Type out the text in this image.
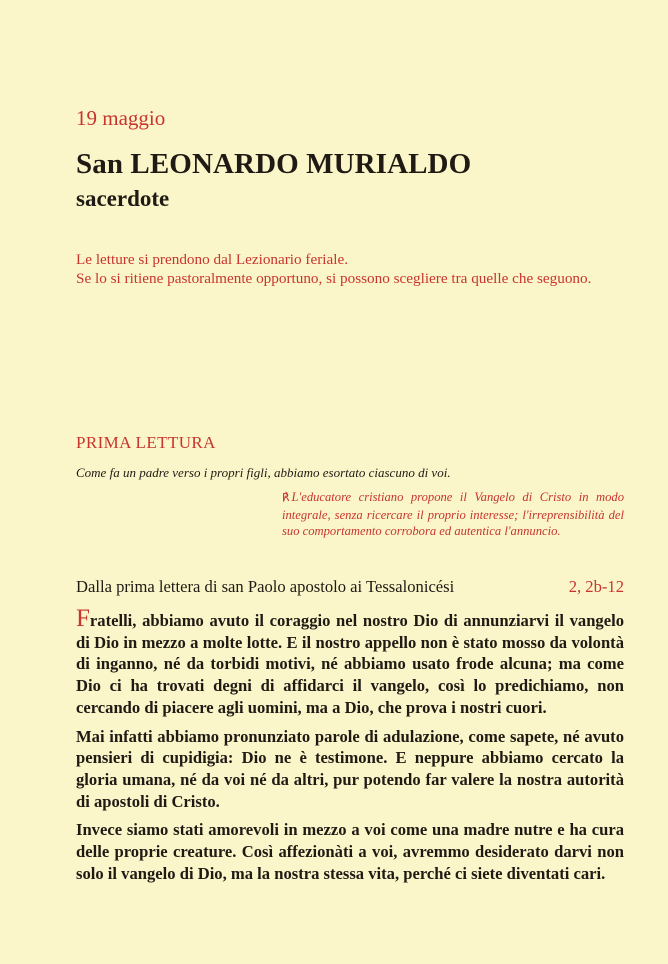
19 maggio
San LEONARDO MURIALDO
sacerdote

Le letture si prendono dal Lezionario feriale.

Se lo si ritiene pastoralmente opportuno, si possono scegliere tra quelle che seguono.

PRIMA LETTURA
Come fa un padre verso i propri figli, abbiamo esortato ciascuno di voi.
℟ L'educatore cristiano propone il Vangelo di Cristo in modo integrale, senza ricercare il proprio interesse; l'irreprensibilità del suo comportamento corrobora ed autentica l'annuncio.
Dalla prima lettera di san Paolo apostolo ai Tessalonicési	2, 2b-12

Fratelli, abbiamo avuto il coraggio nel nostro Dio di annunziarvi il vangelo di Dio in mezzo a molte lotte. E il nostro appello non è stato mosso da volontà di inganno, né da torbidi motivi, né abbiamo usato frode alcuna; ma come Dio ci ha trovati degni di affidarci il vangelo, così lo predichiamo, non cercando di piacere agli uomini, ma a Dio, che prova i nostri cuori.

Mai infatti abbiamo pronunziato parole di adulazione, come sapete, né avuto pensieri di cupidigia: Dio ne è testimone. E neppure abbiamo cercato la gloria umana, né da voi né da altri, pur potendo far valere la nostra autorità di apostoli di Cristo.

Invece siamo stati amorevoli in mezzo a voi come una madre nutre e ha cura delle proprie creature. Così affezionàti a voi, avremmo desiderato darvi non solo il vangelo di Dio, ma la nostra stessa vita, perché ci siete diventati cari.
